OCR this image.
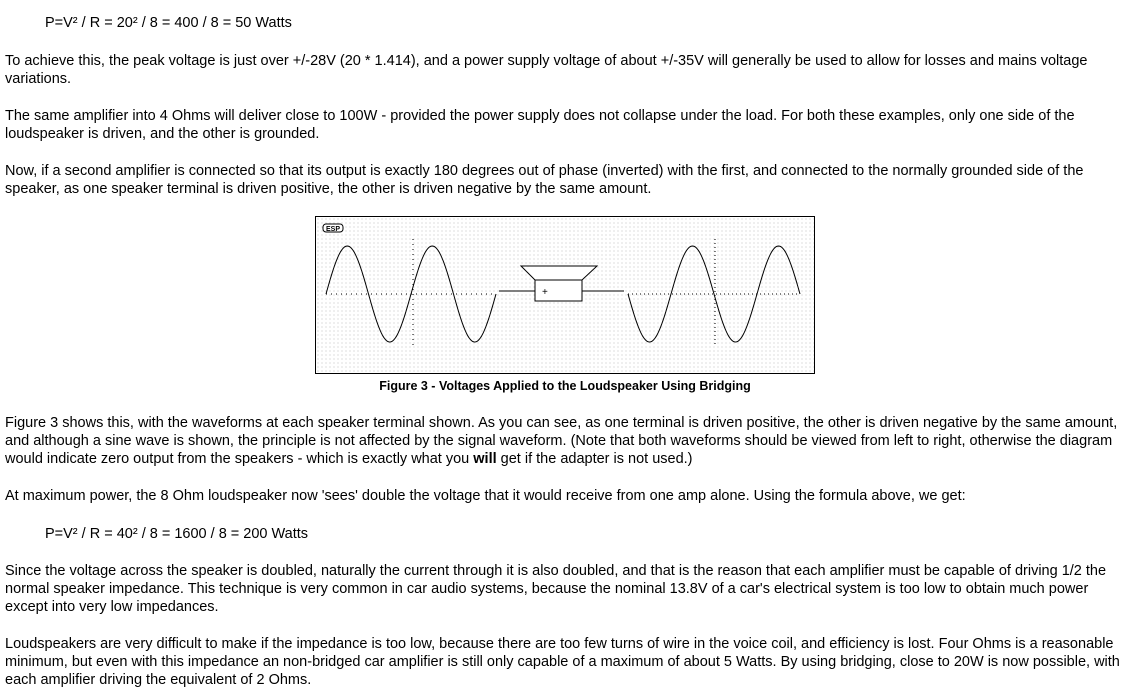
P=V² / R = 20² / 8 = 400 / 8 = 50 Watts

To achieve this, the peak voltage is just over +/-28V (20 * 1.414), and a power supply voltage of about +/-35V will generally be used to allow for losses and mains voltage variations.

The same amplifier into 4 Ohms will deliver close to 100W - provided the power supply does not collapse under the load. For both these examples, only one side of the loudspeaker is driven, and the other is grounded.

Now, if a second amplifier is connected so that its output is exactly 180 degrees out of phase (inverted) with the first, and connected to the normally grounded side of the speaker, as one speaker terminal is driven positive, the other is driven negative by the same amount.

ESP
+
Figure 3 - Voltages Applied to the Loudspeaker Using Bridging

Figure 3 shows this, with the waveforms at each speaker terminal shown. As you can see, as one terminal is driven positive, the other is driven negative by the same amount, and although a sine wave is shown, the principle is not affected by the signal waveform. (Note that both waveforms should be viewed from left to right, otherwise the diagram would indicate zero output from the speakers - which is exactly what you will get if the adapter is not used.)

At maximum power, the 8 Ohm loudspeaker now 'sees' double the voltage that it would receive from one amp alone. Using the formula above, we get:

P=V² / R = 40² / 8 = 1600 / 8 = 200 Watts

Since the voltage across the speaker is doubled, naturally the current through it is also doubled, and that is the reason that each amplifier must be capable of driving 1/2 the normal speaker impedance. This technique is very common in car audio systems, because the nominal 13.8V of a car's electrical system is too low to obtain much power except into very low impedances.

Loudspeakers are very difficult to make if the impedance is too low, because there are too few turns of wire in the voice coil, and efficiency is lost. Four Ohms is a reasonable minimum, but even with this impedance an non-bridged car amplifier is still only capable of a maximum of about 5 Watts. By using bridging, close to 20W is now possible, with each amplifier driving the equivalent of 2 Ohms.
